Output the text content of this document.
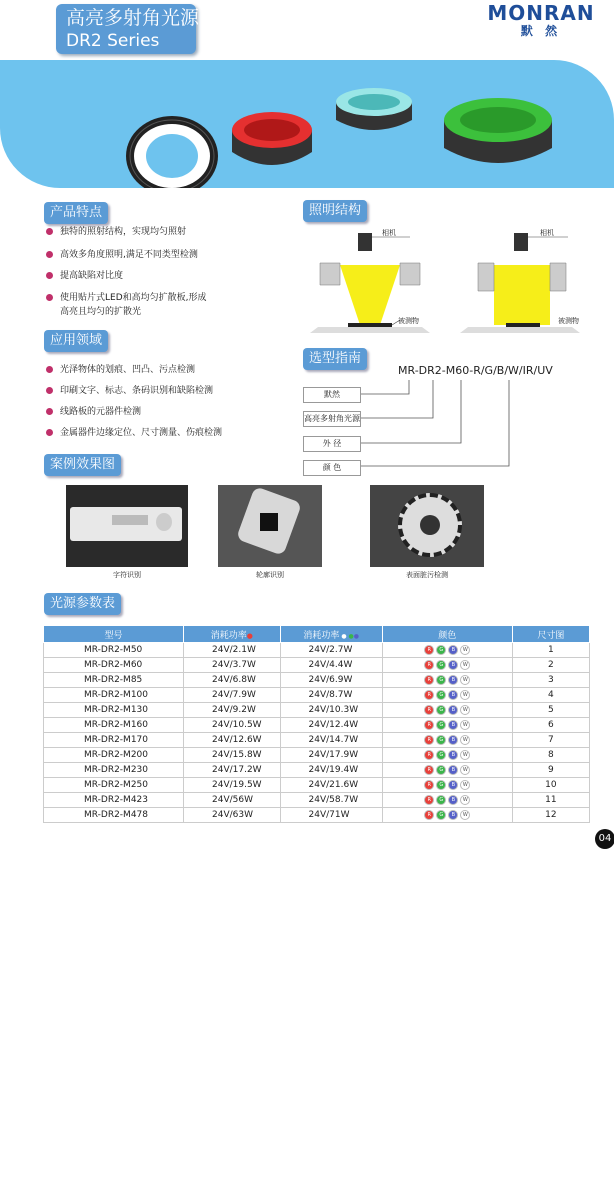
高亮多射角光源
DR2 Series
MONRAN
默 然
产品特点
独特的照射结构，实现均匀照射
高效多角度照明,满足不同类型检测
提高缺陷对比度
使用贴片式LED和高均匀扩散板,形成
高亮且均匀的扩散光
照明结构
相机	相机
被测物	被测物
应用领域
光泽物体的划痕、凹凸、污点检测
印刷文字、标志、条码识别和缺陷检测
线路板的元器件检测
金属器件边缘定位、尺寸测量、伤痕检测
选型指南
MR-DR2-M60-R/G/B/W/IR/UV
默然
高亮多射角光源
外 径
颜 色
案例效果图
字符识别	轮廓识别	表面脏污检测
光源参数表
型号	消耗功率●	消耗功率 ● ●●	颜色	尺寸图
MR-DR2-M50	24V/2.1W	24V/2.7W	R G B W	1
MR-DR2-M60	24V/3.7W	24V/4.4W	R G B W	2
MR-DR2-M85	24V/6.8W	24V/6.9W	R G B W	3
MR-DR2-M100	24V/7.9W	24V/8.7W	R G B W	4
MR-DR2-M130	24V/9.2W	24V/10.3W	R G B W	5
MR-DR2-M160	24V/10.5W	24V/12.4W	R G B W	6
MR-DR2-M170	24V/12.6W	24V/14.7W	R G B W	7
MR-DR2-M200	24V/15.8W	24V/17.9W	R G B W	8
MR-DR2-M230	24V/17.2W	24V/19.4W	R G B W	9
MR-DR2-M250	24V/19.5W	24V/21.6W	R G B W	10
MR-DR2-M423	24V/56W	24V/58.7W	R G B W	11
MR-DR2-M478	24V/63W	24V/71W	R G B W	12
04
